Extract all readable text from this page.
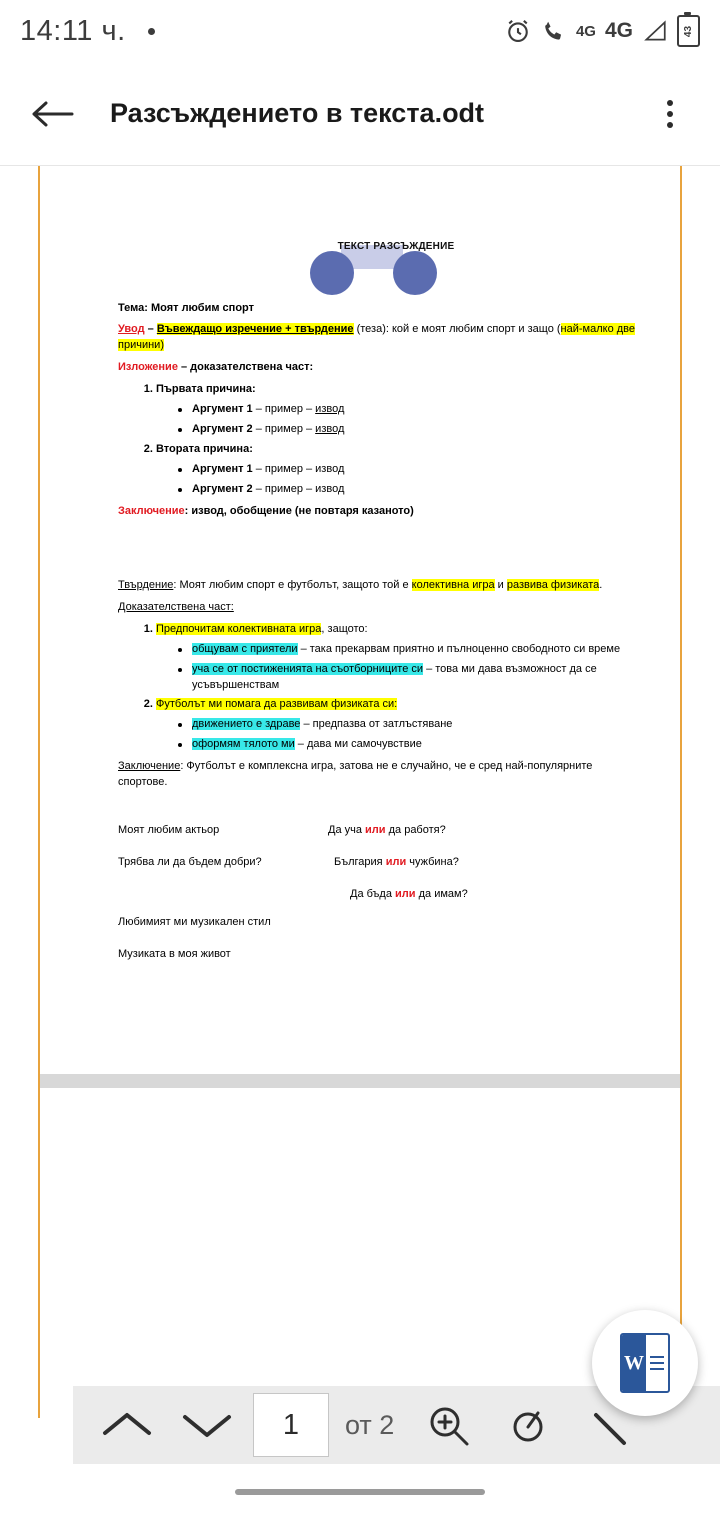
14:11 ч.	4G 4G	43
Разсъждението в текста.odt
ТЕКСТ РАЗСЪЖДЕНИЕ
Тема: Моят любим спорт
Увод – Въвеждащо изречение + твърдение (теза): кой е моят любим спорт и защо (най-малко две причини)
Изложение – доказателствена част:
1. Първата причина:
Аргумент 1 – пример – извод
Аргумент 2 – пример – извод
2. Вторатa причина:
Аргумент 1 – пример – извод
Аргумент 2 – пример – извод
Заключение: извод, обобщение (не повтаря казаното)
Твърдение: Моят любим спорт е футболът, защото той е колективна игра и развива физиката.
Доказателствена част:
1. Предпочитам колективната игра, защото:
общувам с приятели – така прекарвам приятно и пълноценно свободното си време
уча се от постиженията на съотборниците си – това ми дава възможност да се усъвършенствам
2. Футболът ми помага да развивам физиката си:
движението е здраве – предпазва от затлъстяване
оформям тялото ми – дава ми самочувствие
Заключение: Футболът е комплексна игра, затова не е случайно, че е сред най-популярните спортове.

Моят любим актьор

Трябва ли да бъдем добри?

Любимият ми музикален стил

Музиката в моя живот

Да уча или да работя?

България или чужбина?

Да бъда или да имам?

W
1	от 2
